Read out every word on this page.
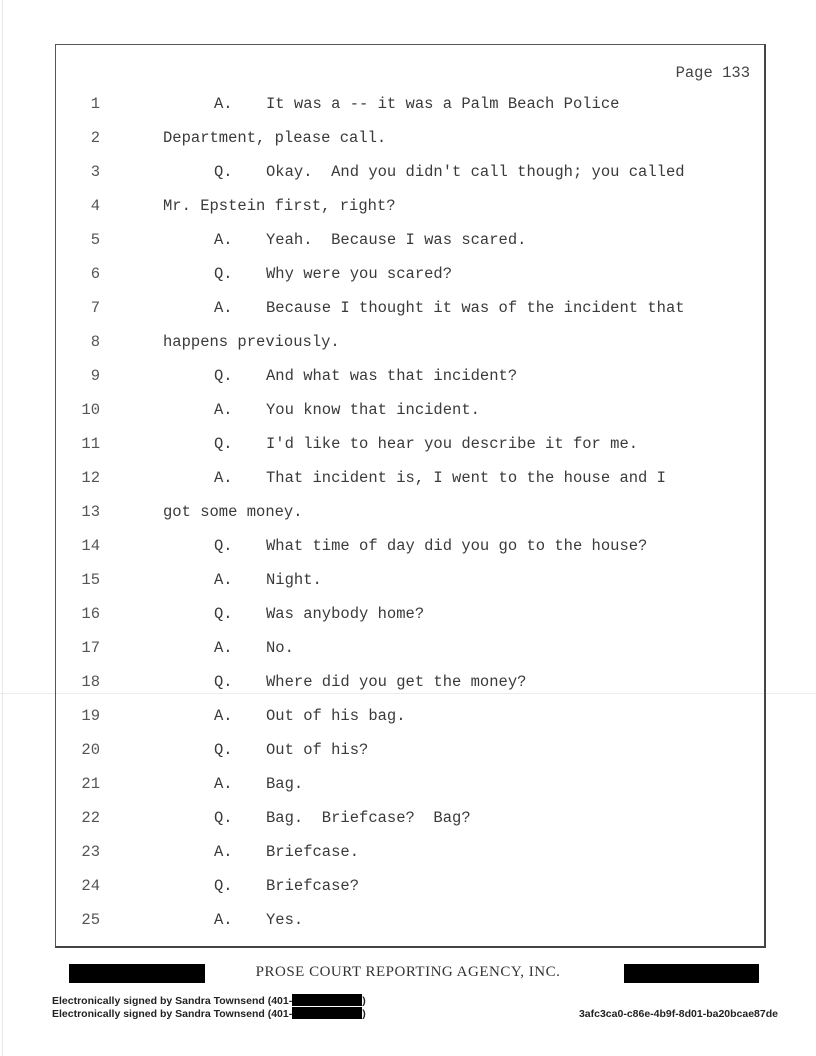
Page 133
1	A. It was a -- it was a Palm Beach Police
2	Department, please call.
3	Q. Okay.  And you didn't call though; you called
4	Mr. Epstein first, right?
5	A. Yeah.  Because I was scared.
6	Q. Why were you scared?
7	A. Because I thought it was of the incident that
8	happens previously.
9	Q. And what was that incident?
10	A. You know that incident.
11	Q. I'd like to hear you describe it for me.
12	A. That incident is, I went to the house and I
13	got some money.
14	Q. What time of day did you go to the house?
15	A. Night.
16	Q. Was anybody home?
17	A. No.
18	Q. Where did you get the money?
19	A. Out of his bag.
20	Q. Out of his?
21	A. Bag.
22	Q. Bag.  Briefcase?  Bag?
23	A. Briefcase.
24	Q. Briefcase?
25	A. Yes.
PROSE COURT REPORTING AGENCY, INC.
Electronically signed by Sandra Townsend (401-	)
Electronically signed by Sandra Townsend (401-	)	3afc3ca0-c86e-4b9f-8d01-ba20bcae87de
